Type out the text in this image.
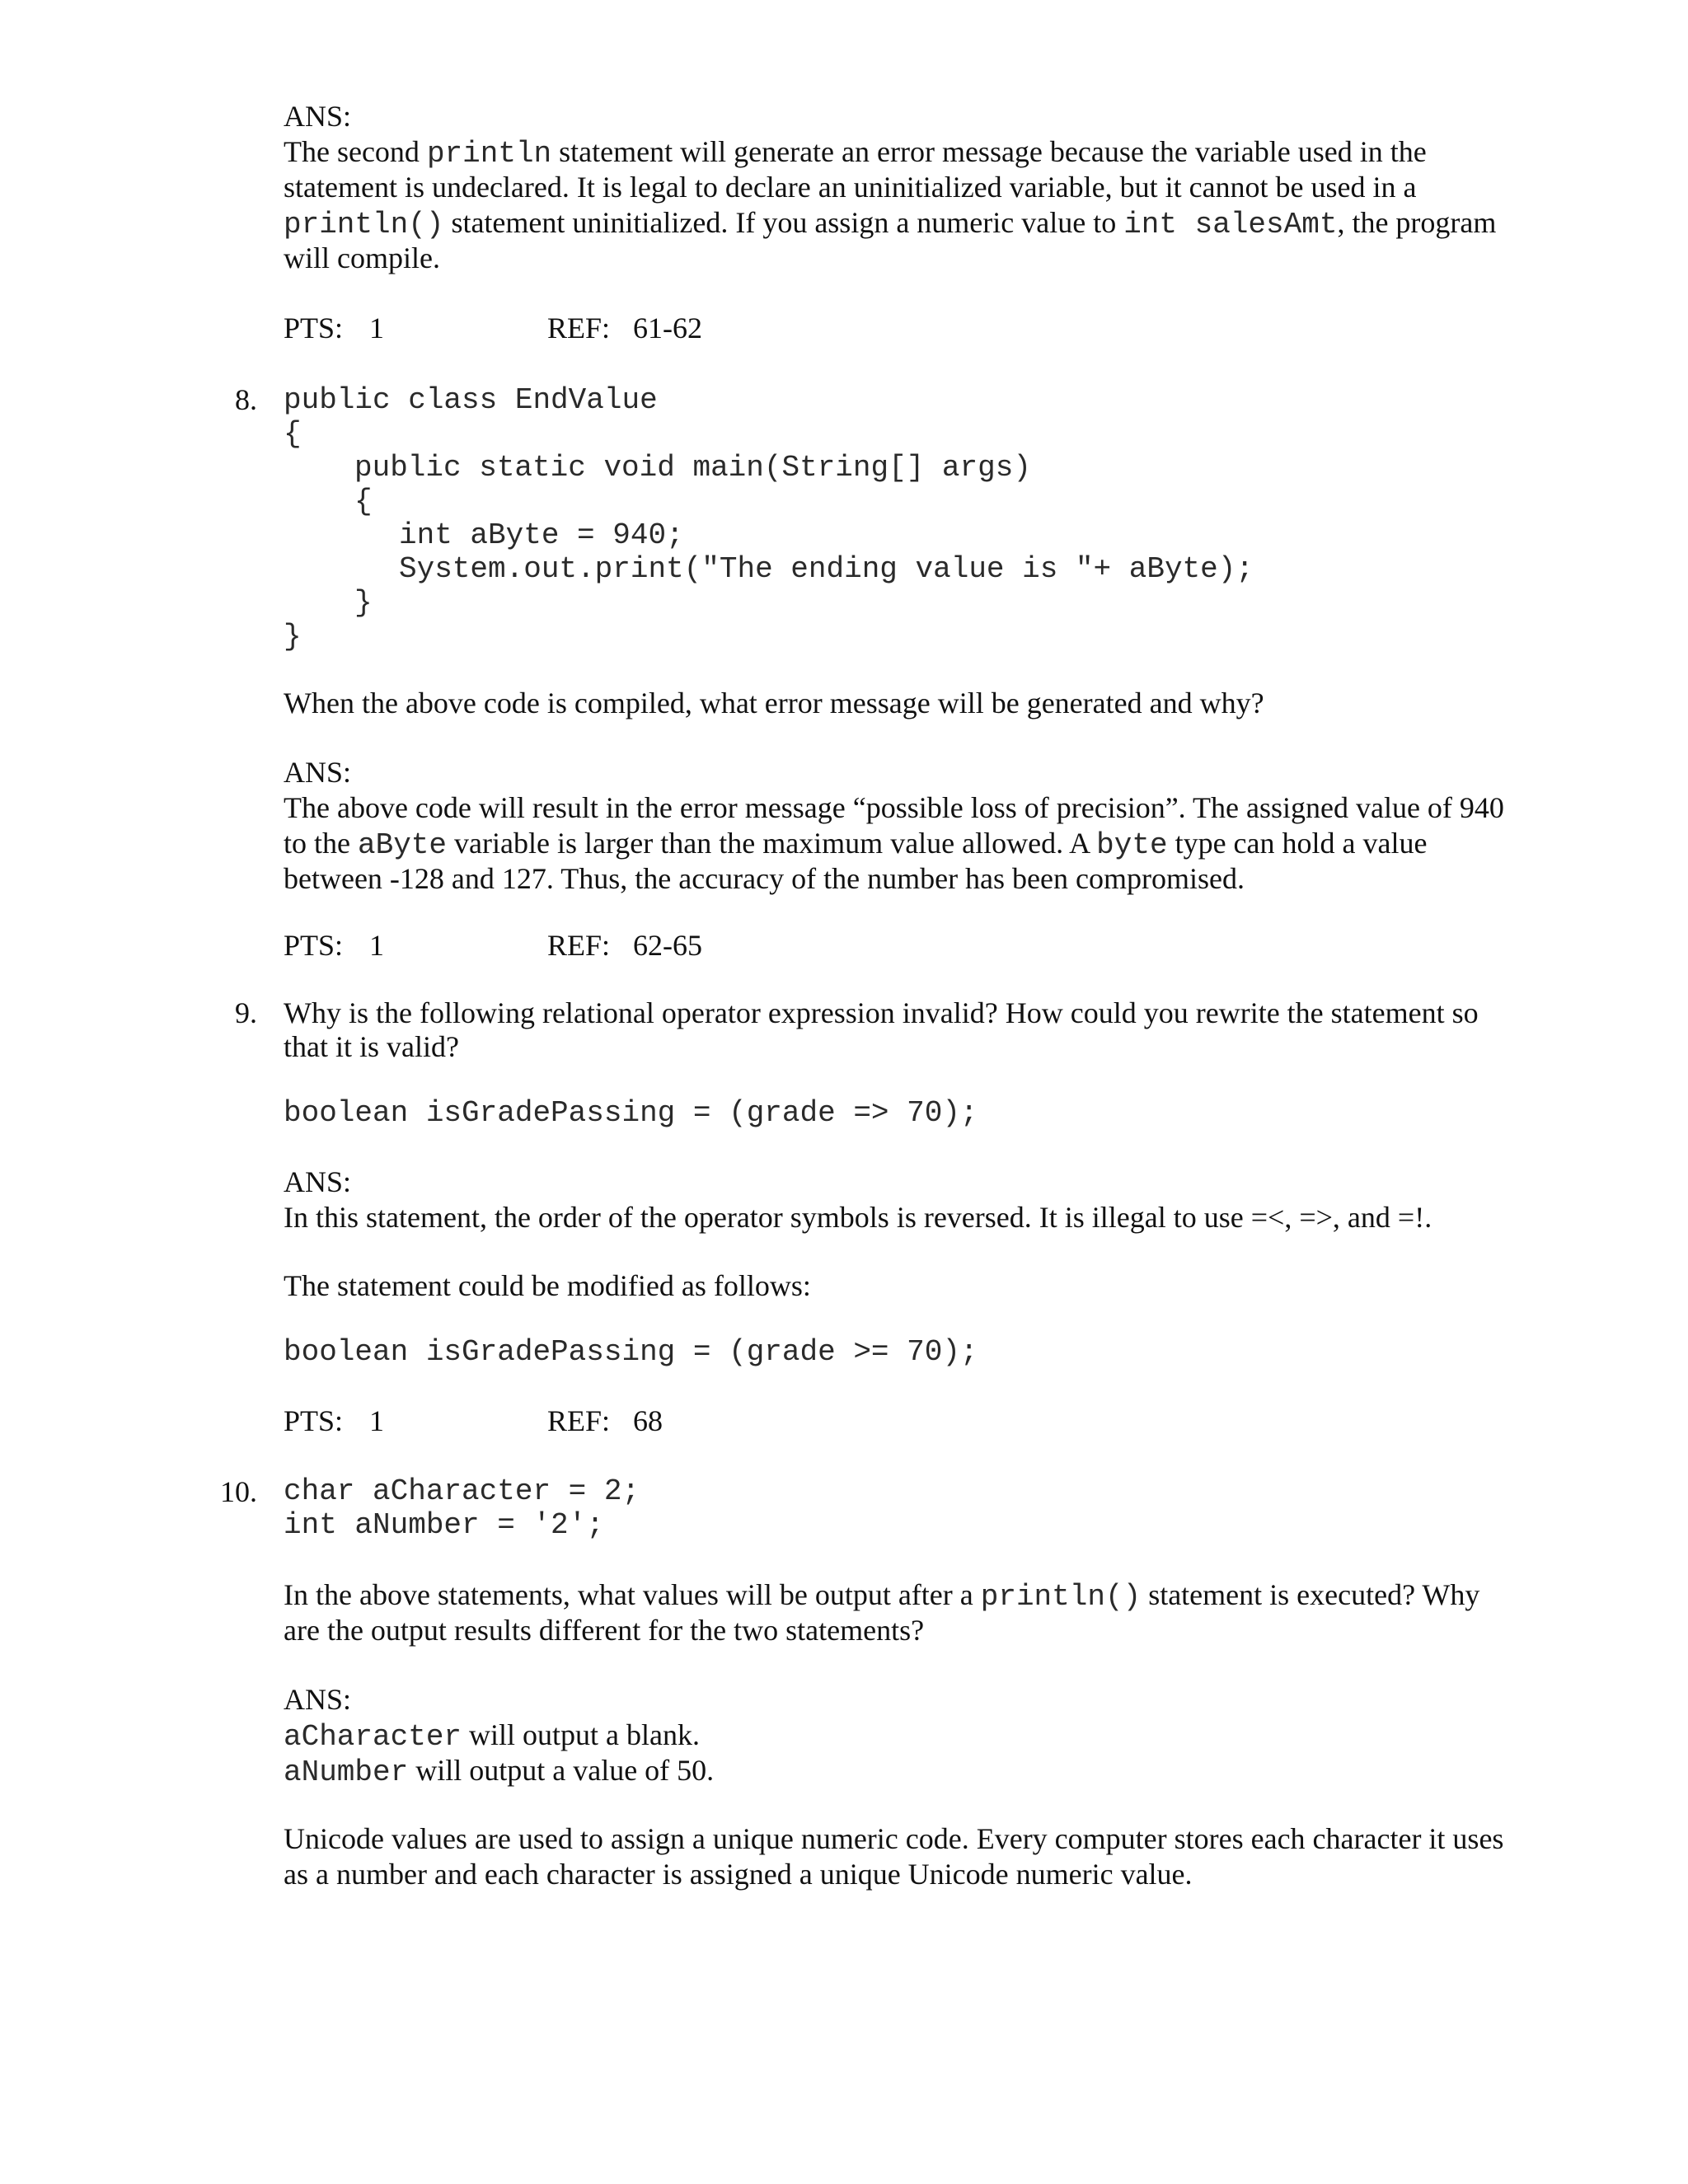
ANS:
The second println statement will generate an error message because the variable used in the
statement is undeclared. It is legal to declare an uninitialized variable, but it cannot be used in a
println() statement uninitialized. If you assign a numeric value to int salesAmt, the program
will compile.
PTS: 1	REF: 61-62
8. public class EndValue
{
public static void main(String[] args)
{
int aByte = 940;
System.out.print("The ending value is "+ aByte);
}
}
When the above code is compiled, what error message will be generated and why?
ANS:
The above code will result in the error message “possible loss of precision”. The assigned value of 940
to the aByte variable is larger than the maximum value allowed. A byte type can hold a value
between -128 and 127. Thus, the accuracy of the number has been compromised.
PTS: 1	REF: 62-65
9. Why is the following relational operator expression invalid? How could you rewrite the statement so
that it is valid?
boolean isGradePassing = (grade => 70);
ANS:
In this statement, the order of the operator symbols is reversed. It is illegal to use =<, =>, and =!.
The statement could be modified as follows:
boolean isGradePassing = (grade >= 70);
PTS: 1	REF: 68
10. char aCharacter = 2;
int aNumber = '2';
In the above statements, what values will be output after a println() statement is executed? Why
are the output results different for the two statements?
ANS:
aCharacter will output a blank.
aNumber will output a value of 50.
Unicode values are used to assign a unique numeric code. Every computer stores each character it uses
as a number and each character is assigned a unique Unicode numeric value.
